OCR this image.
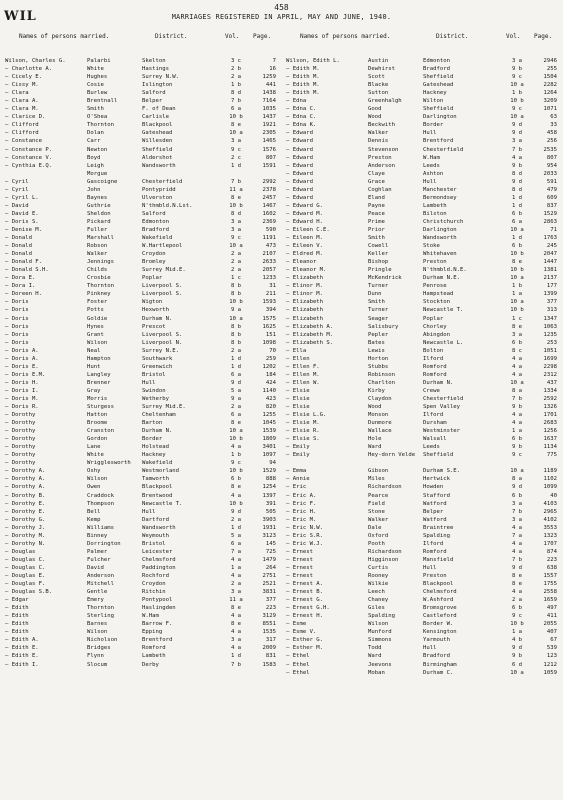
458
WIL	MARRIAGES REGISTERED IN APRIL, MAY AND JUNE, 1940.
Names of persons married.	District.	Vol. Page.
Wilson, Charles G.	Palarbi	Skelton	3 c	7
— Charlotte A.	White	Hastings	2 b	16
— Cicely E.	Hughes	Surrey N.W.	2 a	1259
— Cissy M.	Cosie	Islington	1 b	441
— Clara	Burlew	Salford	8 d	1438
— Clara A.	Brentnall	Belper	7 b	7164
— Clara M.	Smith	F. of Dean	6 a	1035
— Clarice D.	O'Shea	Carlisle	10 b	1437
— Clifford	Thornton	Blackpool	8 e	1921
— Clifford	Dolan	Gateshead	10 a	2305
— Constance	Carr	Willesden	3 a	1465
— Constance P.	Newton	Sheffield	9 c	1576
— Constance V.	Boyd	Aldershot	2 c	807
— Cynthia E.Q.	Leigh	Wandsworth	1 d	1591
Morgue
— Cyril	Gascoigne	Chesterfield	7 b	2992
— Cyril	John	Pontypridd	11 a	2378
— Cyril L.	Baynes	Ulverston	8 e	2457
— David	Guthrie	N'thmbld.N.Lst.	10 b	1467
— David E.	Sheldon	Salford	8 d	1602
— Doris S.	Pickard	Edmonton	3 a	2369
— Denise M.	Fuller	Bradford	3 a	590
— Donald	Marshall	Wakefield	9 c	1191
— Donald	Robson	W.Hartlepool	10 a	473
— Donald	Walker	Croydon	2 a	2107
— Donald F.	Jennings	Bromley	2 a	2633
— Donald S.H.	Childs	Surrey Mid.E.	2 a	2057
— Dora E.	Crosbie	Poplar	1 c	1233
— Dora I.	Thornton	Liverpool S.	8 b	31
— Doreen H.	Pinkney	Liverpool S.	8 b	211
— Doris	Foster	Wigton	10 b	1593
— Doris	Potts	Hexworth	9 a	394
— Doris	Goldie	Durham N.	10 a	1575
— Doris	Hynes	Prescot	8 b	1625
— Doris	Grant	Liverpool S.	8 b	151
— Doris	Wilson	Liverpool N.	8 b	1098
— Doris A.	Neal	Surrey N.E.	2 a	70
— Doris A.	Hampton	Southwark	1 d	259
— Doris E.	Hunt	Greenwich	1 d	1202
— Doris E.M.	Langley	Bristol	6 a	184
— Doris H.	Brenner	Hull	9 d	424
— Doris I.	Gray	Swindon	5 a	1140
— Doris M.	Morris	Wetherby	9 a	423
— Doris R.	Sturgess	Surrey Mid.E.	2 a	820
— Dorothy	Hatton	Cheltenham	6 a	1255
— Dorothy	Broome	Barton	8 e	1045
— Dorothy	Cranston	Durham N.	10 a	1539
— Dorothy	Gordon	Border	10 b	1809
— Dorothy	Lane	Holstead	4 a	3401
— Dorothy	White	Hackney	1 b	1097
— Dorothy	Wrigglesworth	Wakefield	9 c	94
— Dorothy A.	Oshy	Westmorland	10 b	1529
— Dorothy A.	Wilson	Tamworth	6 b	888
— Dorothy A.	Owen	Blackpool	8 e	1254
— Dorothy B.	Craddock	Brentwood	4 a	1397
— Dorothy E.	Thompson	Newcastle T.	10 b	391
— Dorothy E.	Bell	Hull	9 d	505
— Dorothy G.	Kemp	Dartford	2 a	3903
— Dorothy J.	Williams	Wandsworth	1 d	1931
— Dorothy M.	Binney	Weymouth	5 a	3123
— Dorothy N.	Dorrington	Bristol	6 a	145
— Douglas	Palmer	Leicester	7 a	725
— Douglas C.	Fulcher	Chelmsford	4 a	1479
— Douglas C.	David	Paddington	1 a	264
— Douglas E.	Anderson	Rochford	4 a	2751
— Douglas F.	Mitchell	Croydon	2 a	2521
— Douglas S.B.	Gentle	Ritchin	3 a	3831
— Edgar	Emery	Pontypool	11 a	377
— Edith	Thornton	Haslingden	8 e	223
— Edith	Sterling	W.Ham	4 a	3129
— Edith	Barnes	Barrow F.	8 e	8551
— Edith	Wilson	Epping	4 a	1535
— Edith A.	Nicholson	Brentford	3 a	317
— Edith E.	Bridges	Romford	4 a	2009
— Edith E.	Flynn	Lambeth	1 d	831
— Edith I.	Slocum	Derby	7 b	1583
Names of persons married.	District.	Vol. Page.
Wilson, Edith L.	Austin	Edmonton	3 a	2946
— Edith M.	Dewhirst	Bradford	9 b	255
— Edith M.	Scott	Sheffield	9 c	1504
— Edith M.	Blacke	Gateshead	10 a	2282
— Edith M.	Sutton	Hackney	1 b	1264
— Edna	Greenhalgh	Wilton	10 b	3209
— Edna C.	Good	Sheffield	9 c	1071
— Edna C.	Wood	Darlington	10 a	63
— Edna K.	Beckwith	Border	9 d	33
— Edward	Walker	Hull	9 d	458
— Edward	Dennis	Brentford	3 a	256
— Edward	Stevenson	Chesterfield	7 b	2535
— Edward	Preston	W.Ham	4 a	807
— Edward	Anderson	Leeds	9 b	954
— Edward	Claye	Ashton	8 d	2033
— Edward	Grace	Hull	9 d	591
— Edward	Coghlan	Manchester	8 d	479
— Edward	Eland	Bermondsey	1 d	609
— Edward G.	Payne	Lambeth	1 d	837
— Edward M.	Peace	Bilston	6 b	1529
— Edward H.	Prime	Christchurch	6 a	2863
— Eileen C.E.	Prior	Darlington	10 a	71
— Eileen M.	Smith	Wandsworth	1 d	1763
— Eileen V.	Cowell	Stoke	6 b	245
— Eldred M.	Keller	Whitehaven	10 b	2047
— Eleanor	Bishop	Preston	8 e	1447
— Eleanor M.	Pringle	N'thmbld.N.E.	10 b	1381
— Elizabeth	McKendrick	Durham N.E.	10 a	2137
— Elinor M.	Turner	Penrose	1 b	177
— Elinor M.	Dunn	Hampstead	1 a	1399
— Elizabeth	Smith	Stockton	10 a	377
— Elizabeth	Turner	Newcastle T.	10 b	313
— Elizabeth	Seager	Poplar	1 c	1347
— Elizabeth A.	Salisbury	Chorley	8 e	1063
— Elizabeth M.	Pepler	Abingdon	3 a	1235
— Elizabeth S.	Bates	Newcastle L.	6 b	253
— Ella	Lewis	Bolton	8 c	1051
— Ellen	Horton	Ilford	4 a	1699
— Ellen F.	Stubbs	Romford	4 a	2298
— Ellen M.	Robinson	Romford	4 a	2312
— Ellen W.	Charlton	Durham N.	10 a	437
— Elsie	Kirby	Crewe	8 a	1334
— Elsie	Claydon	Chesterfield	7 b	2592
— Elsie	Wood	Spen Valley	9 b	1326
— Elsie L.G.	Monson	Ilford	4 a	1701
— Elsie M.	Dunmore	Dursham	4 a	2683
— Elsie R.	Wallace	Westminster	1 a	1256
— Elsie S.	Hole	Walsall	6 b	1637
— Emily	Ward	Leeds	9 b	1134
— Emily	Hey-dorn Velde	Sheffield	9 c	775
— Emma	Gibson	Durham S.E.	10 a	1189
— Annie	Miles	Hertwick	8 a	1102
— Eric	Richardson	Howden	9 d	1099
— Eric A.	Pearce	Stafford	6 b	40
— Eric F.	Field	Watford	3 a	4103
— Eric H.	Stone	Belper	7 b	2965
— Eric M.	Walker	Watford	3 a	4102
— Eric N.W.	Dale	Braintree	4 a	3553
— Eric S.R.	Oxford	Spalding	7 a	1323
— Eric W.J.	Pooth	Ilford	4 a	1707
— Ernest	Richardson	Romford	4 a	874
— Ernest	Higginson	Mansfield	7 b	223
— Ernest	Curtis	Hull	9 d	638
— Ernest	Rooney	Preston	8 e	1557
— Ernest A.	Wilkie	Blackpool	8 e	1755
— Ernest B.	Leech	Chelmsford	4 a	2558
— Ernest G.	Chaney	W.Ashford	2 a	1659
— Ernest G.H.	Giles	Bromsgrove	6 b	497
— Ernest H.	Spalding	Castleford	9 c	411
— Esme	Wilson	Border W.	10 b	2055
— Esme V.	Munford	Kensington	1 a	407
— Esther G.	Simmons	Yarmouth	4 b	67
— Esther M.	Todd	Hull	9 d	539
— Ethel	Ward	Bradford	9 b	123
— Ethel	Jeevons	Birmingham	6 d	1212
— Ethel	Moban	Durham C.	10 a	1059
